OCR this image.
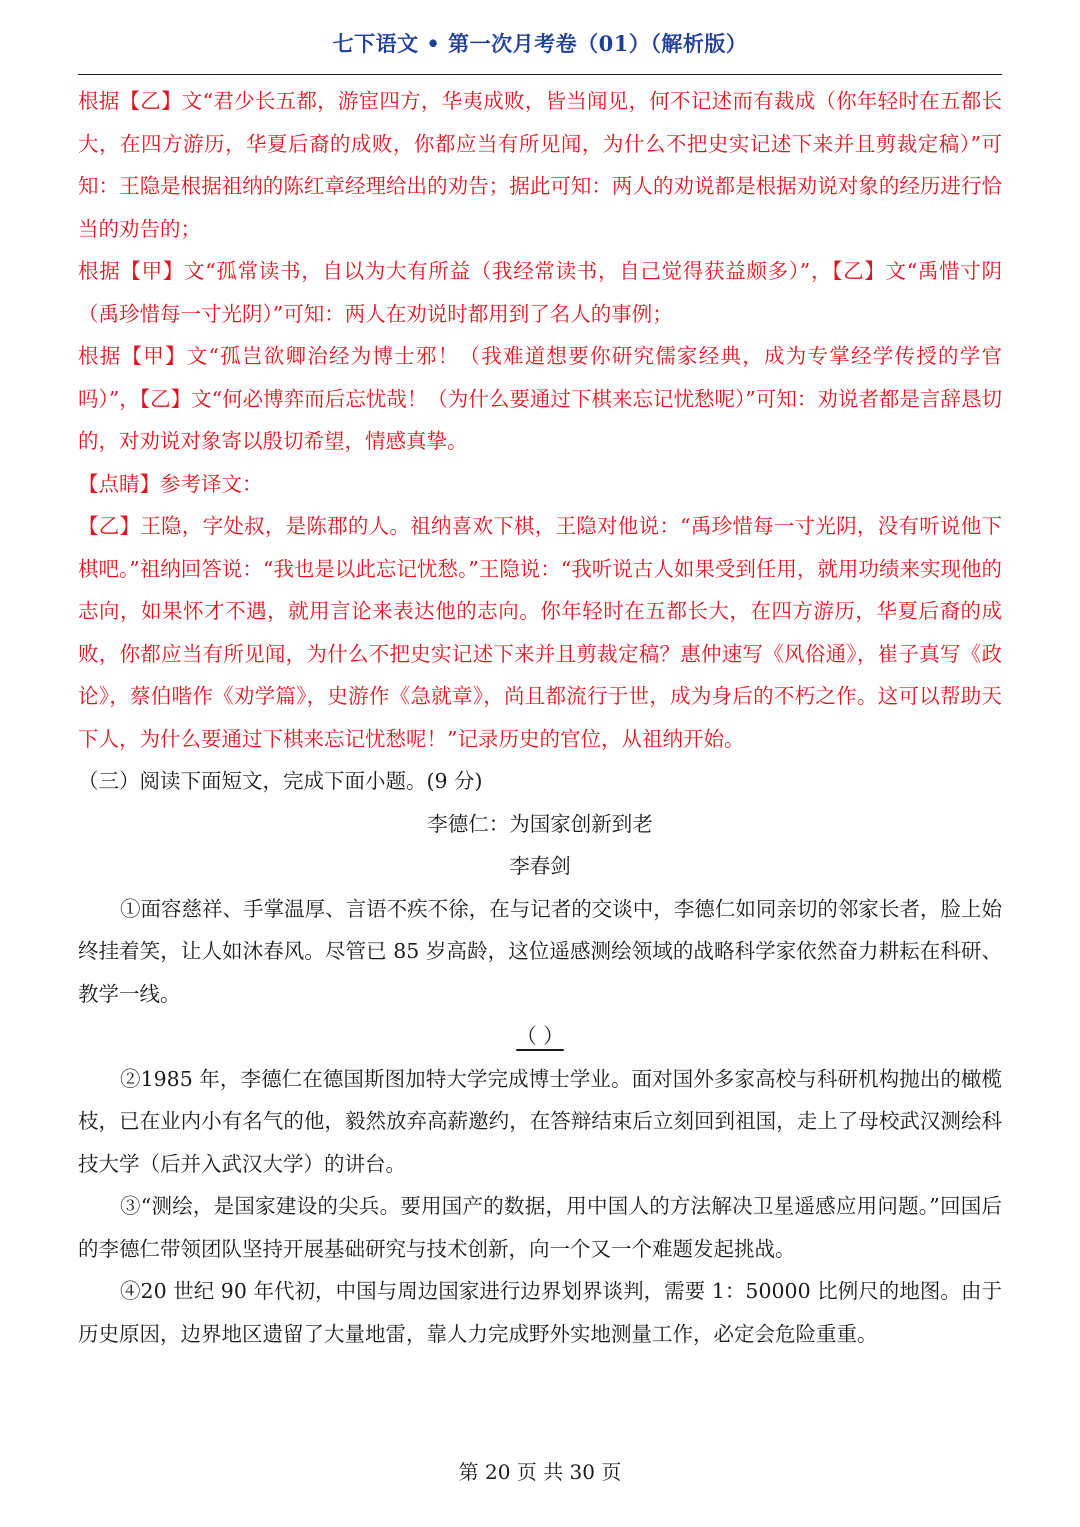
七下语文 • 第一次月考卷（01）（解析版）

根据【乙】文“君少长五都，游宦四方，华夷成败，皆当闻见，何不记述而有裁成（你年轻时在五都长大，在四方游历，华夏后裔的成败，你都应当有所见闻，为什么不把史实记述下来并且剪裁定稿）”可知：王隐是根据祖纳的陈红章经理给出的劝告；据此可知：两人的劝说都是根据劝说对象的经历进行恰当的劝告的；

根据【甲】文“孤常读书，自以为大有所益（我经常读书，自己觉得获益颇多）”，【乙】文“禹惜寸阴（禹珍惜每一寸光阴）”可知：两人在劝说时都用到了名人的事例；

根据【甲】文“孤岂欲卿治经为博士邪！（我难道想要你研究儒家经典，成为专掌经学传授的学官吗）”，【乙】文“何必博弈而后忘忧哉！（为什么要通过下棋来忘记忧愁呢）”可知：劝说者都是言辞恳切的，对劝说对象寄以殷切希望，情感真挚。

【点睛】参考译文：

【乙】王隐，字处叔，是陈郡的人。祖纳喜欢下棋，王隐对他说：“禹珍惜每一寸光阴，没有听说他下棋吧。”祖纳回答说：“我也是以此忘记忧愁。”王隐说：“我听说古人如果受到任用，就用功绩来实现他的志向，如果怀才不遇，就用言论来表达他的志向。你年轻时在五都长大，在四方游历，华夏后裔的成败，你都应当有所见闻，为什么不把史实记述下来并且剪裁定稿？惠仲速写《风俗通》，崔子真写《政论》，蔡伯喈作《劝学篇》，史游作《急就章》，尚且都流行于世，成为身后的不朽之作。这可以帮助天下人，为什么要通过下棋来忘记忧愁呢！”记录历史的官位，从祖纳开始。

（三）阅读下面短文，完成下面小题。(9 分)

李德仁：为国家创新到老

李春剑

①面容慈祥、手掌温厚、言语不疾不徐，在与记者的交谈中，李德仁如同亲切的邻家长者，脸上始终挂着笑，让人如沐春风。尽管已 85 岁高龄，这位遥感测绘领域的战略科学家依然奋力耕耘在科研、教学一线。

（ ）

②1985 年，李德仁在德国斯图加特大学完成博士学业。面对国外多家高校与科研机构抛出的橄榄枝，已在业内小有名气的他，毅然放弃高薪邀约，在答辩结束后立刻回到祖国，走上了母校武汉测绘科技大学（后并入武汉大学）的讲台。

③“测绘，是国家建设的尖兵。要用国产的数据，用中国人的方法解决卫星遥感应用问题。”回国后的李德仁带领团队坚持开展基础研究与技术创新，向一个又一个难题发起挑战。

④20 世纪 90 年代初，中国与周边国家进行边界划界谈判，需要 1：50000 比例尺的地图。由于历史原因，边界地区遗留了大量地雷，靠人力完成野外实地测量工作，必定会危险重重。

第 20 页 共 30 页
